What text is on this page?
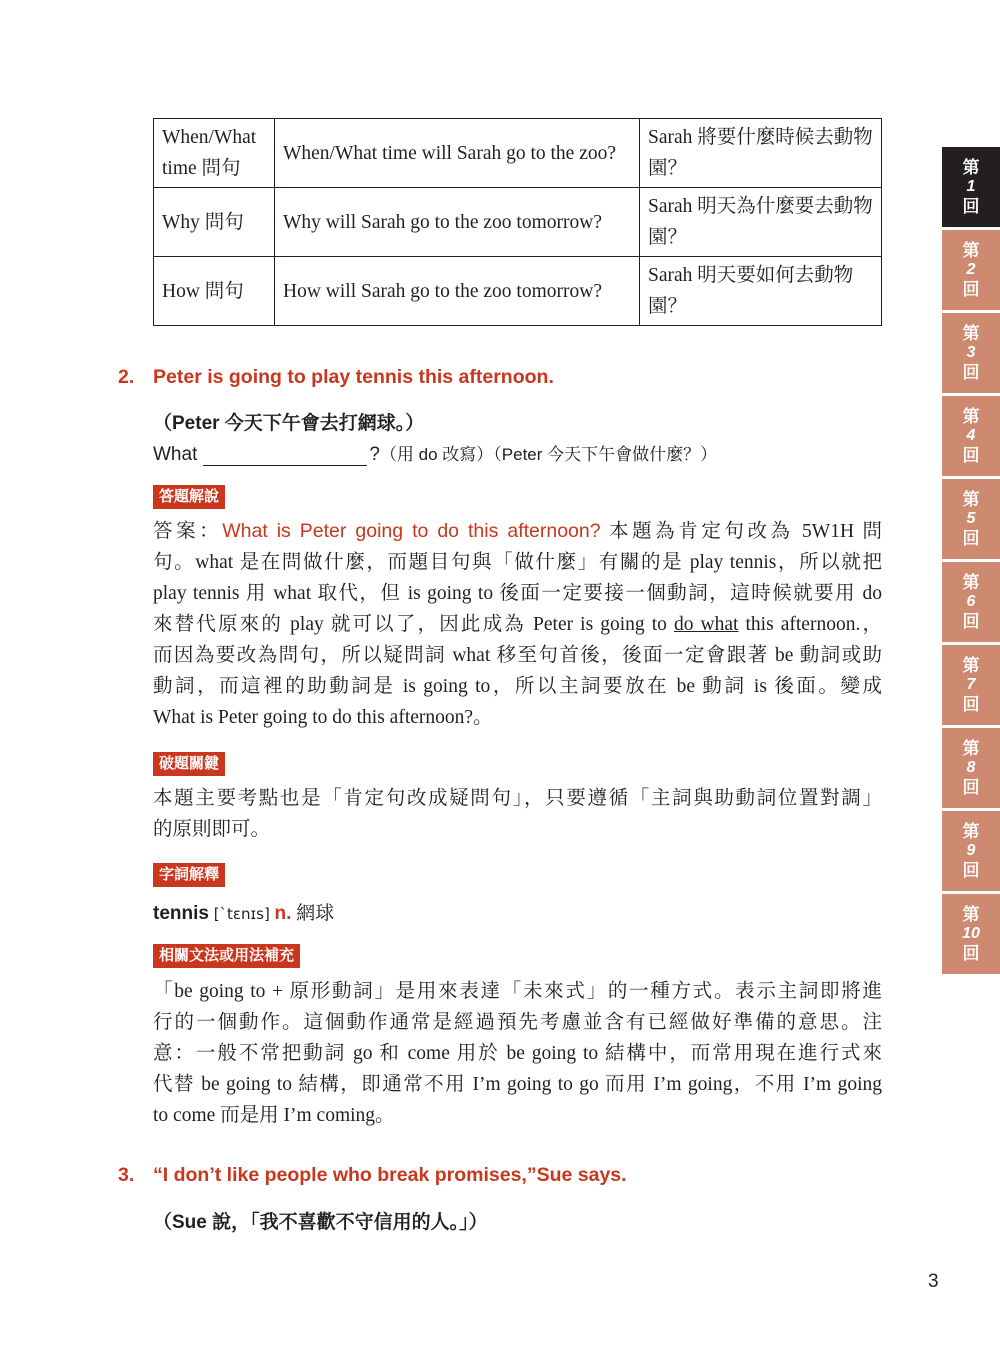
When/What time 問句	When/What time will Sarah go to the zoo?	Sarah 將要什麼時候去動物園？
Why 問句	Why will Sarah go to the zoo tomorrow?	Sarah 明天為什麼要去動物園？
How 問句	How will Sarah go to the zoo tomorrow?	Sarah 明天要如何去動物園？
2. Peter is going to play tennis this afternoon.
（Peter 今天下午會去打網球。）
What	?（用 do 改寫）（Peter 今天下午會做什麼？）
答題解說
答案：What is Peter going to do this afternoon? 本題為肯定句改為 5W1H 問
句。what 是在問做什麼，而題目句與「做什麼」有關的是 play tennis，所以就把
play tennis 用 what 取代，但 is going to 後面一定要接一個動詞，這時候就要用 do
來替代原來的 play 就可以了，因此成為 Peter is going to do what this afternoon.，
而因為要改為問句，所以疑問詞 what 移至句首後，後面一定會跟著 be 動詞或助
動詞，而這裡的助動詞是 is going to，所以主詞要放在 be 動詞 is 後面。變成
What is Peter going to do this afternoon?。
破題關鍵
本題主要考點也是「肯定句改成疑問句」，只要遵循「主詞與助動詞位置對調」
的原則即可。
字詞解釋
tennis [ˋtɛnɪs] n. 網球
相關文法或用法補充
「be going to + 原形動詞」是用來表達「未來式」的一種方式。表示主詞即將進
行的一個動作。這個動作通常是經過預先考慮並含有已經做好準備的意思。注
意：一般不常把動詞 go 和 come 用於 be going to 結構中，而常用現在進行式來
代替 be going to 結構，即通常不用 I’m going to go 而用 I’m going，不用 I’m going
to come 而是用 I’m coming。
3. “I don’t like people who break promises,”Sue says.
（Sue 說，「我不喜歡不守信用的人。」）
第
1
回
第
2
回
第
3
回
第
4
回
第
5
回
第
6
回
第
7
回
第
8
回
第
9
回
第
10
回
3
